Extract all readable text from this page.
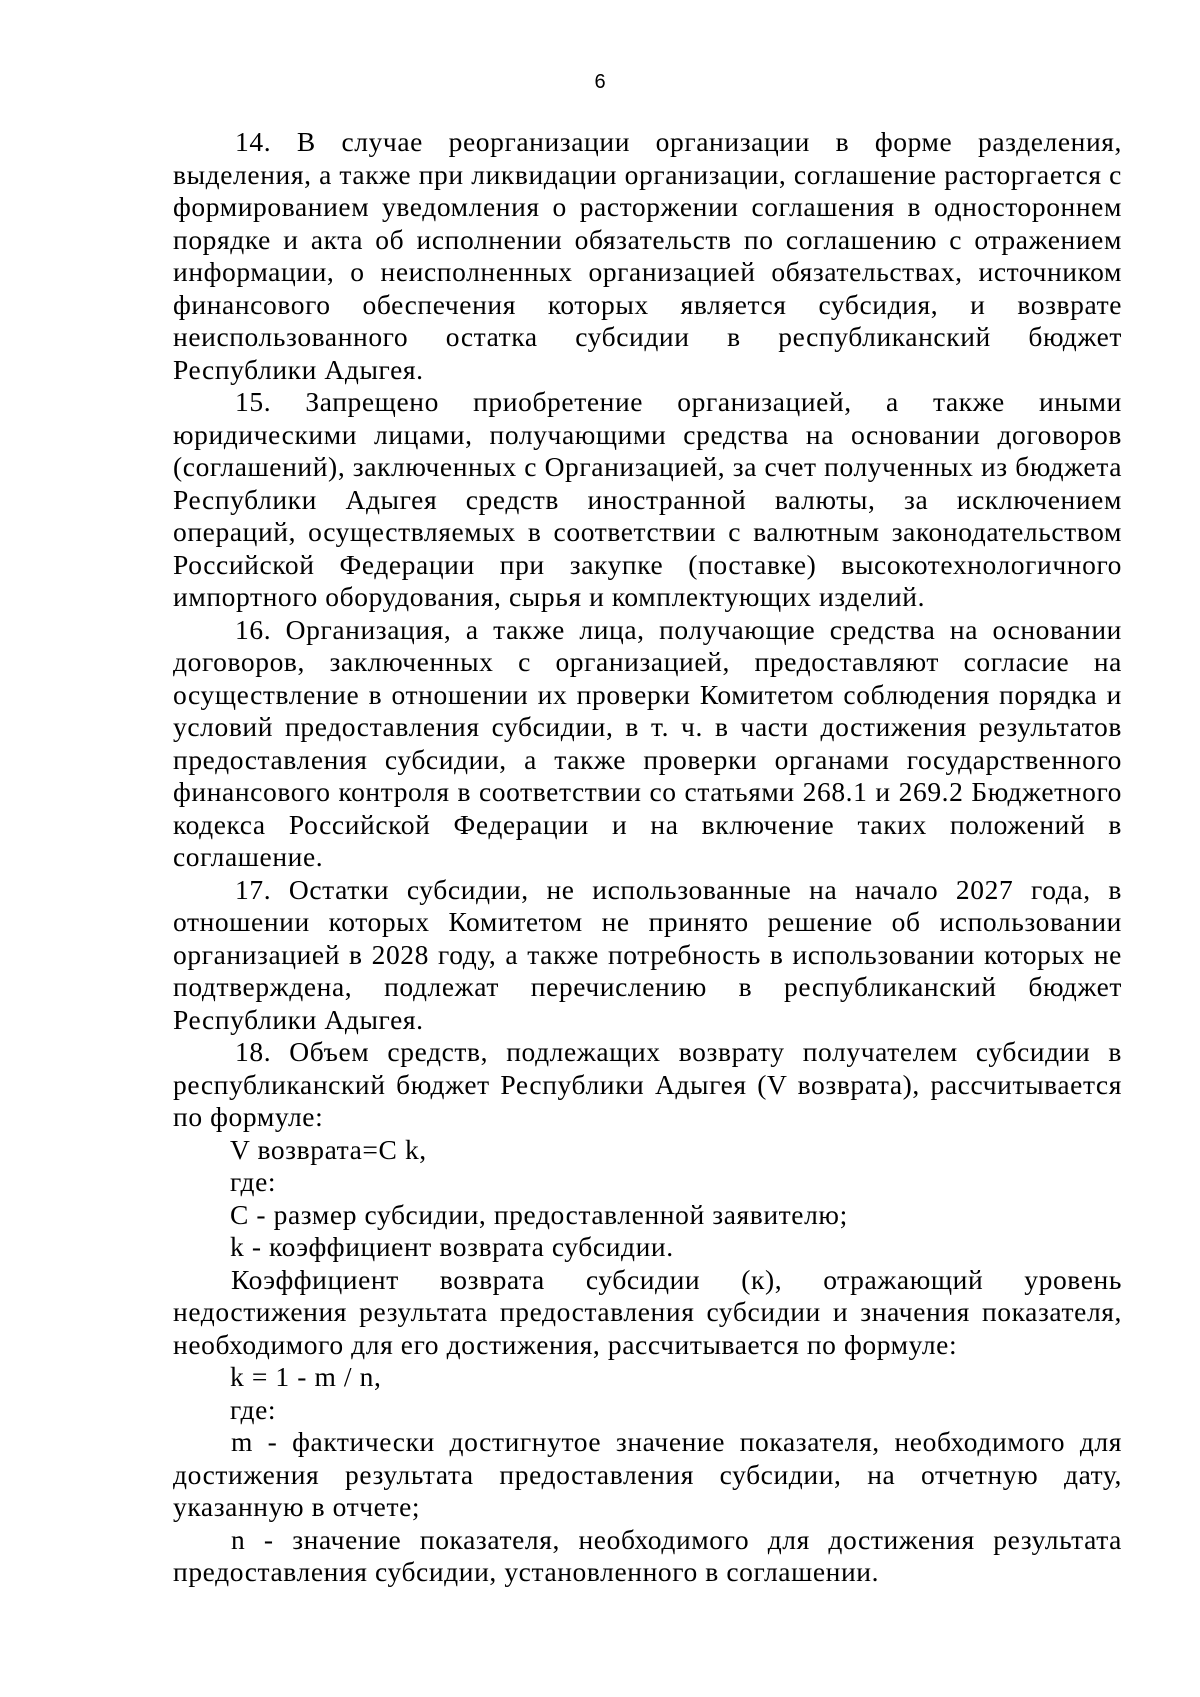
6

14. В случае реорганизации организации в форме разделения, выделения, а также при ликвидации организации, соглашение расторгается с формированием уведомления о расторжении соглашения в одностороннем порядке и акта об исполнении обязательств по соглашению с отражением информации, о неисполненных организацией обязательствах, источником финансового обеспечения которых является субсидия, и возврате неиспользованного остатка субсидии в республиканский бюджет Республики Адыгея.

15. Запрещено приобретение организацией, а также иными юридическими лицами, получающими средства на основании договоров (соглашений), заключенных с Организацией, за счет полученных из бюджета Республики Адыгея средств иностранной валюты, за исключением операций, осуществляемых в соответствии с валютным законодательством Российской Федерации при закупке (поставке) высокотехнологичного импортного оборудования, сырья и комплектующих изделий.

16. Организация, а также лица, получающие средства на основании договоров, заключенных с организацией, предоставляют согласие на осуществление в отношении их проверки Комитетом соблюдения порядка и условий предоставления субсидии, в т. ч. в части достижения результатов предоставления субсидии, а также проверки органами государственного финансового контроля в соответствии со статьями 268.1 и 269.2 Бюджетного кодекса Российской Федерации и на включение таких положений в соглашение.

17. Остатки субсидии, не использованные на начало 2027 года, в отношении которых Комитетом не принято решение об использовании организацией в 2028 году, а также потребность в использовании которых не подтверждена, подлежат перечислению в республиканский бюджет Республики Адыгея.

18. Объем средств, подлежащих возврату получателем субсидии в республиканский бюджет Республики Адыгея (V возврата), рассчитывается по формуле:

V возврата=C k,

где:

C - размер субсидии, предоставленной заявителю;

k - коэффициент возврата субсидии.

Коэффициент возврата субсидии (к), отражающий уровень недостижения результата предоставления субсидии и значения показателя, необходимого для его достижения, рассчитывается по формуле:

k = 1 - m / n,

где:

m - фактически достигнутое значение показателя, необходимого для достижения результата предоставления субсидии, на отчетную дату, указанную в отчете;

n - значение показателя, необходимого для достижения результата предоставления субсидии, установленного в соглашении.
